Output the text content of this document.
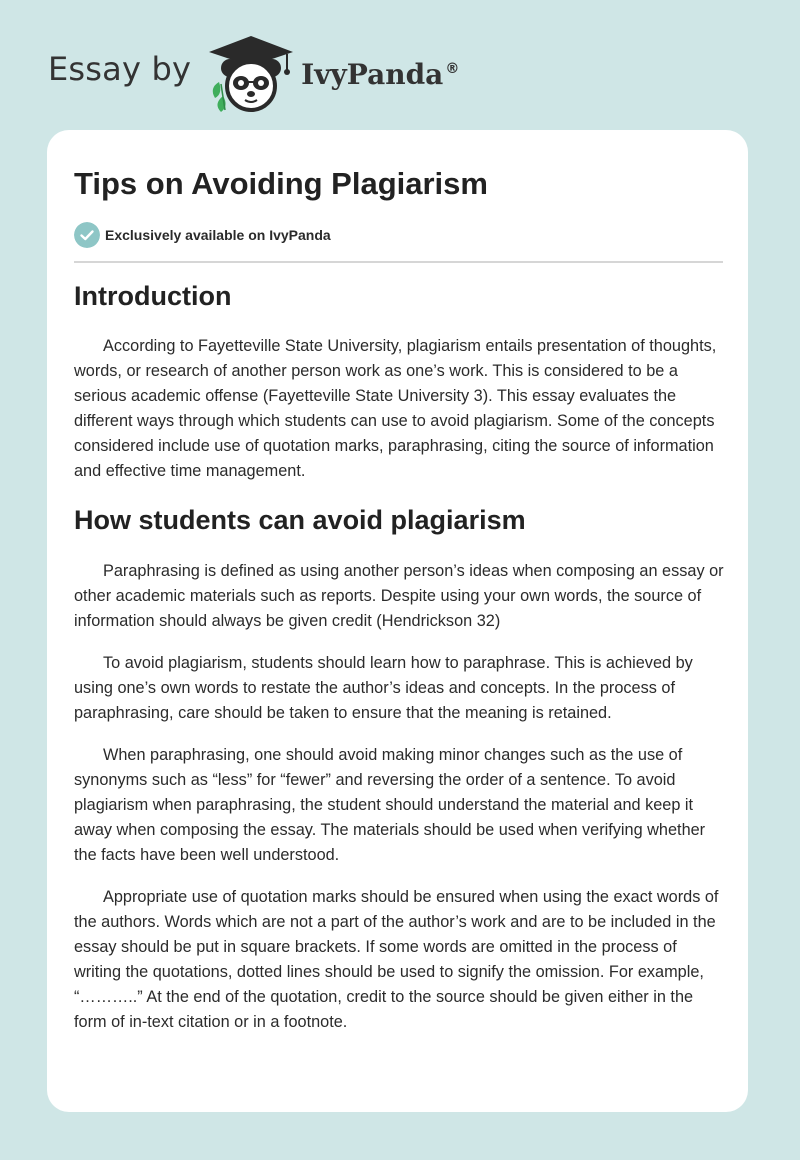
Essay by	IvyPanda ®
Tips on Avoiding Plagiarism
Exclusively available on IvyPanda
Introduction

According to Fayetteville State University, plagiarism entails presentation of thoughts, words, or research of another person work as one’s work. This is considered to be a serious academic offense (Fayetteville State University 3). This essay evaluates the different ways through which students can use to avoid plagiarism. Some of the concepts considered include use of quotation marks, paraphrasing, citing the source of information and effective time management.

How students can avoid plagiarism

Paraphrasing is defined as using another person’s ideas when composing an essay or other academic materials such as reports. Despite using your own words, the source of information should always be given credit (Hendrickson 32)

To avoid plagiarism, students should learn how to paraphrase. This is achieved by using one’s own words to restate the author’s ideas and concepts. In the process of paraphrasing, care should be taken to ensure that the meaning is retained.

When paraphrasing, one should avoid making minor changes such as the use of synonyms such as “less” for “fewer” and reversing the order of a sentence. To avoid plagiarism when paraphrasing, the student should understand the material and keep it away when composing the essay. The materials should be used when verifying whether the facts have been well understood.

Appropriate use of quotation marks should be ensured when using the exact words of the authors. Words which are not a part of the author’s work and are to be included in the essay should be put in square brackets. If some words are omitted in the process of writing the quotations, dotted lines should be used to signify the omission. For example, “………..” At the end of the quotation, credit to the source should be given either in the form of in-text citation or in a footnote.
